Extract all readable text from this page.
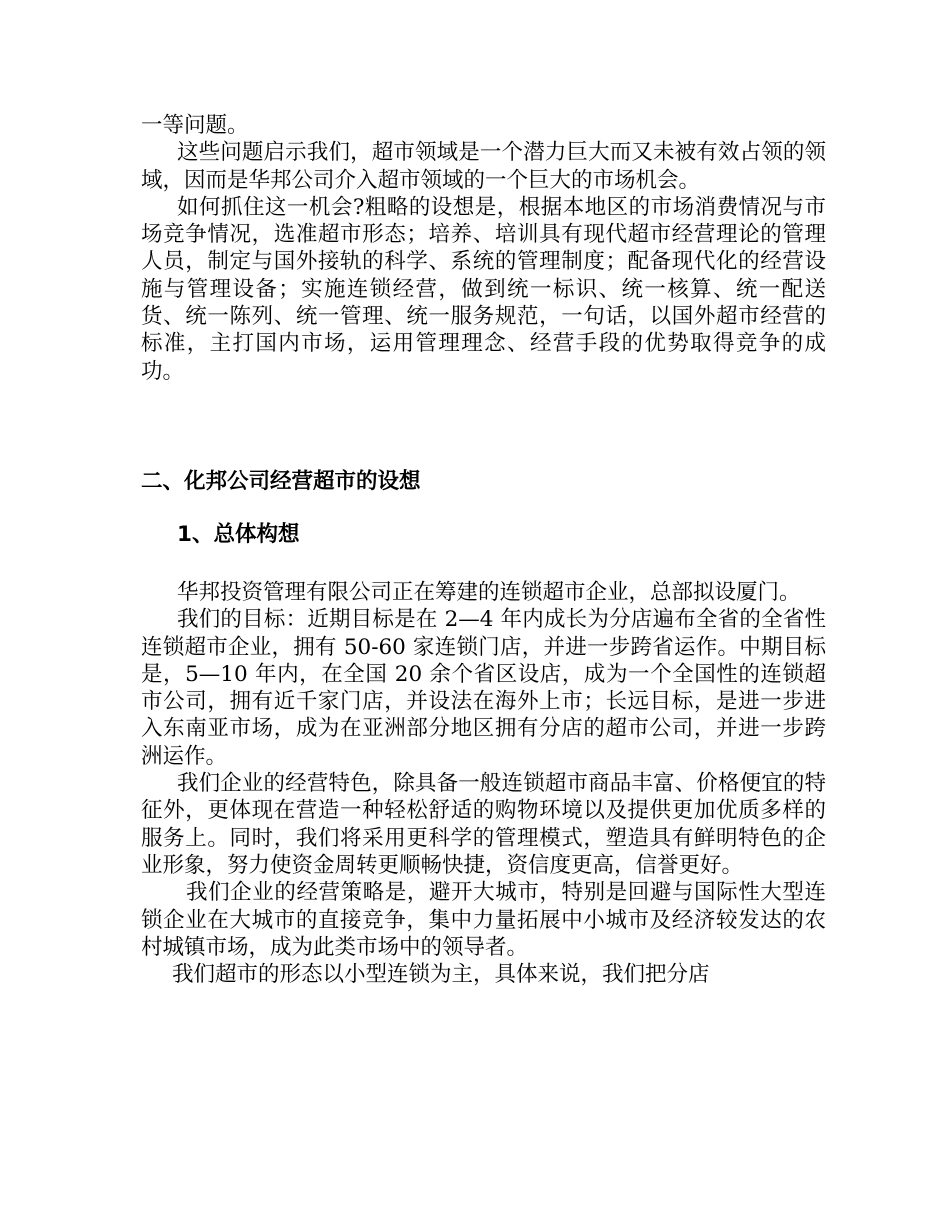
一等问题。

这些问题启示我们，超市领域是一个潜力巨大而又未被有效占领的领域，因而是华邦公司介入超市领域的一个巨大的市场机会。

如何抓住这一机会?粗略的设想是，根据本地区的市场消费情况与市场竞争情况，选准超市形态；培养、培训具有现代超市经营理论的管理人员，制定与国外接轨的科学、系统的管理制度；配备现代化的经营设施与管理设备；实施连锁经营，做到统一标识、统一核算、统一配送货、统一陈列、统一管理、统一服务规范，一句话，以国外超市经营的标准，主打国内市场，运用管理理念、经营手段的优势取得竞争的成功。

二、化邦公司经营超市的设想
1、总体构想

华邦投资管理有限公司正在筹建的连锁超市企业，总部拟设厦门。

我们的目标：近期目标是在 2—4 年内成长为分店遍布全省的全省性连锁超市企业，拥有 50-60 家连锁门店，并进一步跨省运作。中期目标是，5—10 年内，在全国 20 余个省区设店，成为一个全国性的连锁超市公司，拥有近千家门店，并设法在海外上市；长远目标，是进一步进入东南亚市场，成为在亚洲部分地区拥有分店的超市公司，并进一步跨洲运作。

我们企业的经营特色，除具备一般连锁超市商品丰富、价格便宜的特征外，更体现在营造一种轻松舒适的购物环境以及提供更加优质多样的服务上。同时，我们将采用更科学的管理模式，塑造具有鲜明特色的企业形象，努力使资金周转更顺畅快捷，资信度更高，信誉更好。

我们企业的经营策略是，避开大城市，特别是回避与国际性大型连锁企业在大城市的直接竞争，集中力量拓展中小城市及经济较发达的农村城镇市场，成为此类市场中的领导者。

我们超市的形态以小型连锁为主，具体来说，我们把分店
